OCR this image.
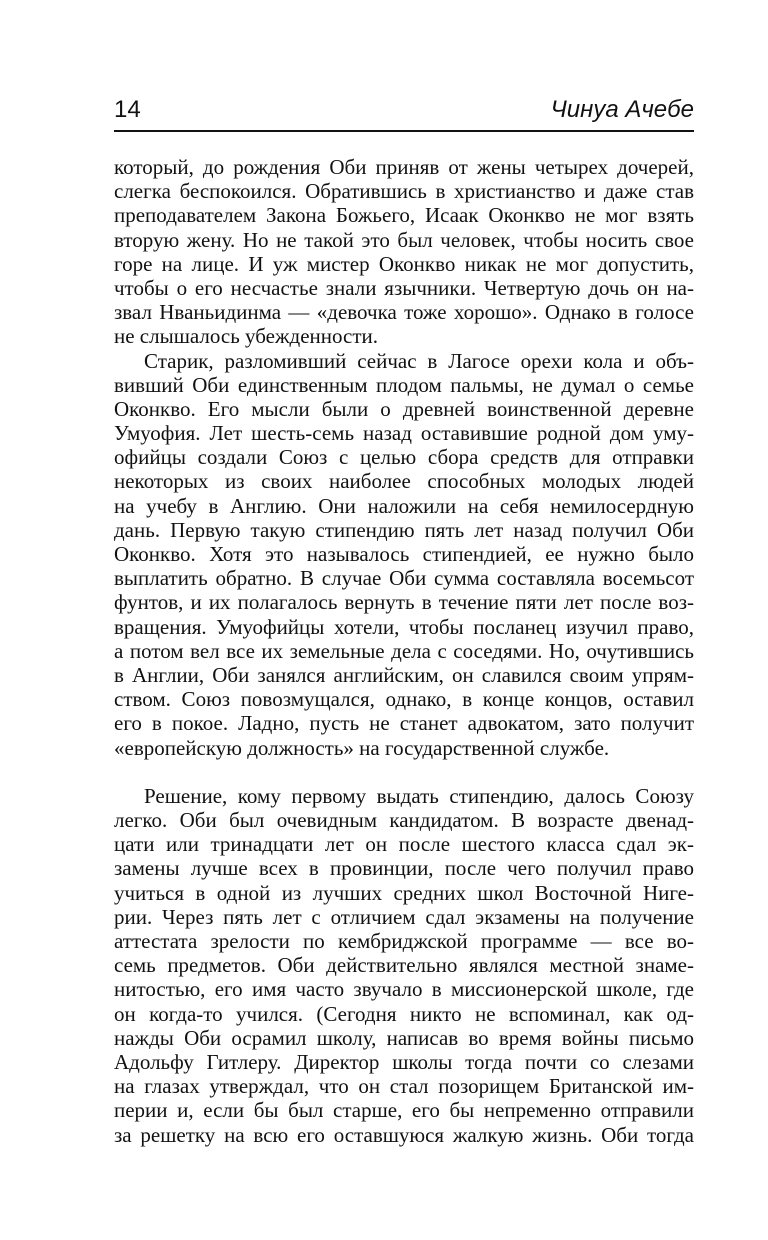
14	Чинуа Ачебе
который, до рождения Оби приняв от жены четырех дочерей,
слегка беспокоился. Обратившись в христианство и даже став
преподавателем Закона Божьего, Исаак Оконкво не мог взять
вторую жену. Но не такой это был человек, чтобы носить свое
горе на лице. И уж мистер Оконкво никак не мог допустить,
чтобы о его несчастье знали язычники. Четвертую дочь он на-
звал Нваньидинма — «девочка тоже хорошо». Однако в голосе
не слышалось убежденности.
Старик, разломивший сейчас в Лагосе орехи кола и объ-
вивший Оби единственным плодом пальмы, не думал о семье
Оконкво. Его мысли были о древней воинственной деревне
Умуофия. Лет шесть-семь назад оставившие родной дом уму-
офийцы создали Союз с целью сбора средств для отправки
некоторых из своих наиболее способных молодых людей
на учебу в Англию. Они наложили на себя немилосердную
дань. Первую такую стипендию пять лет назад получил Оби
Оконкво. Хотя это называлось стипендией, ее нужно было
выплатить обратно. В случае Оби сумма составляла восемьсот
фунтов, и их полагалось вернуть в течение пяти лет после воз-
вращения. Умуофийцы хотели, чтобы посланец изучил право,
а потом вел все их земельные дела с соседями. Но, очутившись
в Англии, Оби занялся английским, он славился своим упрям-
ством. Союз повозмущался, однако, в конце концов, оставил
его в покое. Ладно, пусть не станет адвокатом, зато получит
«европейскую должность» на государственной службе.
Решение, кому первому выдать стипендию, далось Союзу
легко. Оби был очевидным кандидатом. В возрасте двенад-
цати или тринадцати лет он после шестого класса сдал эк-
замены лучше всех в провинции, после чего получил право
учиться в одной из лучших средних школ Восточной Ниге-
рии. Через пять лет с отличием сдал экзамены на получение
аттестата зрелости по кембриджской программе — все во-
семь предметов. Оби действительно являлся местной знаме-
нитостью, его имя часто звучало в миссионерской школе, где
он когда-то учился. (Сегодня никто не вспоминал, как од-
нажды Оби осрамил школу, написав во время войны письмо
Адольфу Гитлеру. Директор школы тогда почти со слезами
на глазах утверждал, что он стал позорищем Британской им-
перии и, если бы был старше, его бы непременно отправили
за решетку на всю его оставшуюся жалкую жизнь. Оби тогда
